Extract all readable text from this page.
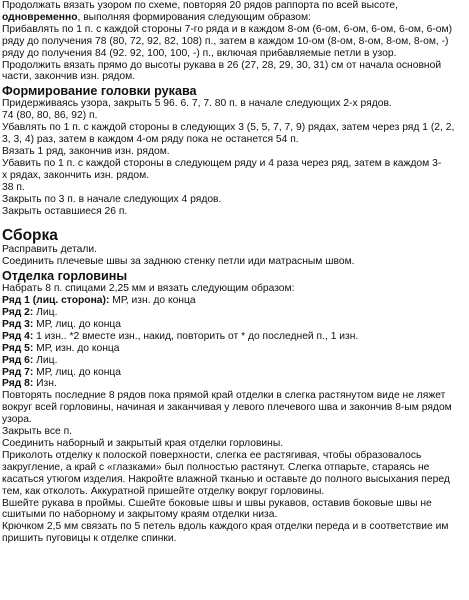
Продолжать вязать узором по схеме, повторяя 20 рядов раппорта по всей высоте,

одновременно, выполняя формирования следующим образом:

Прибавлять по 1 п. с каждой стороны 7-го ряда и в каждом 8-ом (6-ом, 6-ом, 6-ом, 6-ом, 6-ом)

ряду до получения 78 (80, 72, 92, 82, 108) п., затем в каждом 10-ом (8-ом, 8-ом, 8-ом, 8-ом, -)

ряду до получения 84 (92. 92, 100, 100, -) п., включая прибавляемые петли в узор.

Продолжить вязать прямо до высоты рукава в 26 (27, 28, 29, 30, 31) см от начала основной

части, закончив изн. рядом.

Формирование головки рукава

Придерживаясь узора, закрыть 5 96. 6. 7, 7. 80 п. в начале следующих 2-х рядов.

74 (80, 80, 86, 92) п.

Убавлять по 1 п. с каждой стороны в следующих 3 (5, 5, 7, 7, 9) рядах, затем через ряд 1 (2, 2,

3, 3, 4) раз, затем в каждом 4-ом ряду пока не останется 54 п.

Вязать 1 ряд, закончив изн. рядом.

Убавить по 1 п. с каждой стороны в следующем ряду и 4 раза через ряд, затем в каждом 3-

х рядах, закончить изн. рядом.

38 п.

Закрыть по 3 п. в начале следующих 4 рядов.

Закрыть оставшиеся 26 п.

Сборка

Расправить детали.

Соединить плечевые швы за заднюю стенку петли иди матрасным швом.

Отделка горловины

Набрать 8 п. спицами 2,25 мм и вязать следующим образом:

Ряд 1 (лиц. сторона): МР, изн. до конца

Ряд 2: Лиц.

Ряд 3: МР, лиц. до конца

Ряд 4: 1 изн.. *2 вместе изн., накид, повторить от * до последней п., 1 изн.

Ряд 5: МР, изн. до конца

Ряд 6: Лиц.

Ряд 7: МР, лиц. до конца

Ряд 8: Изн.

Повторять последние 8 рядов пока прямой край отделки в слегка растянутом виде не ляжет

вокруг всей горловины, начиная и заканчивая у левого плечевого шва и закончив 8-ым рядом

узора.

Закрыть все п.

Соединить наборный и закрытый края отделки горловины.

Приколоть отделку к полоской поверхности, слегка ее растягивая, чтобы образовалось

закругление, а край с «глазками» был полностью растянут. Слегка отпарьте, стараясь не

касаться утюгом изделия. Накройте влажной тканью и оставьте до полного высыхания перед

тем, как отколоть. Аккуратной пришейте отделку вокруг горловины.

Вшейте рукава в проймы. Сшейте боковые швы и швы рукавов, оставив боковые швы не

сшитыми по наборному и закрытому краям отделки низа.

Крючком 2,5 мм связать по 5 петель вдоль каждого края отделки переда и в соответствие им

пришить пуговицы к отделке спинки.
